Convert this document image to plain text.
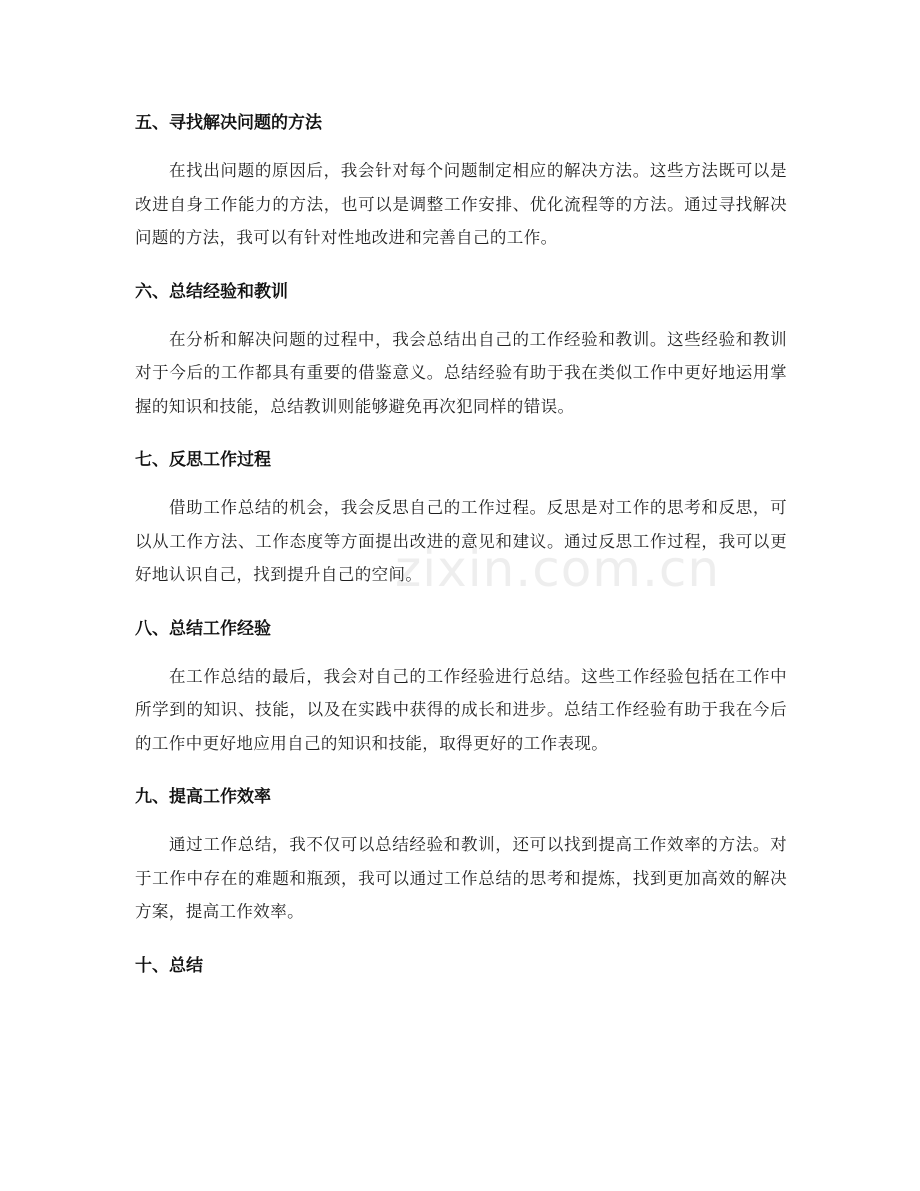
五、寻找解决问题的方法

在找出问题的原因后，我会针对每个问题制定相应的解决方法。这些方法既可以是改进自身工作能力的方法，也可以是调整工作安排、优化流程等的方法。通过寻找解决问题的方法，我可以有针对性地改进和完善自己的工作。

六、总结经验和教训

在分析和解决问题的过程中，我会总结出自己的工作经验和教训。这些经验和教训对于今后的工作都具有重要的借鉴意义。总结经验有助于我在类似工作中更好地运用掌握的知识和技能，总结教训则能够避免再次犯同样的错误。

七、反思工作过程

借助工作总结的机会，我会反思自己的工作过程。反思是对工作的思考和反思，可以从工作方法、工作态度等方面提出改进的意见和建议。通过反思工作过程，我可以更好地认识自己，找到提升自己的空间。

八、总结工作经验

在工作总结的最后，我会对自己的工作经验进行总结。这些工作经验包括在工作中所学到的知识、技能，以及在实践中获得的成长和进步。总结工作经验有助于我在今后的工作中更好地应用自己的知识和技能，取得更好的工作表现。

九、提高工作效率

通过工作总结，我不仅可以总结经验和教训，还可以找到提高工作效率的方法。对于工作中存在的难题和瓶颈，我可以通过工作总结的思考和提炼，找到更加高效的解决方案，提高工作效率。

十、总结
zixin.com.cn
